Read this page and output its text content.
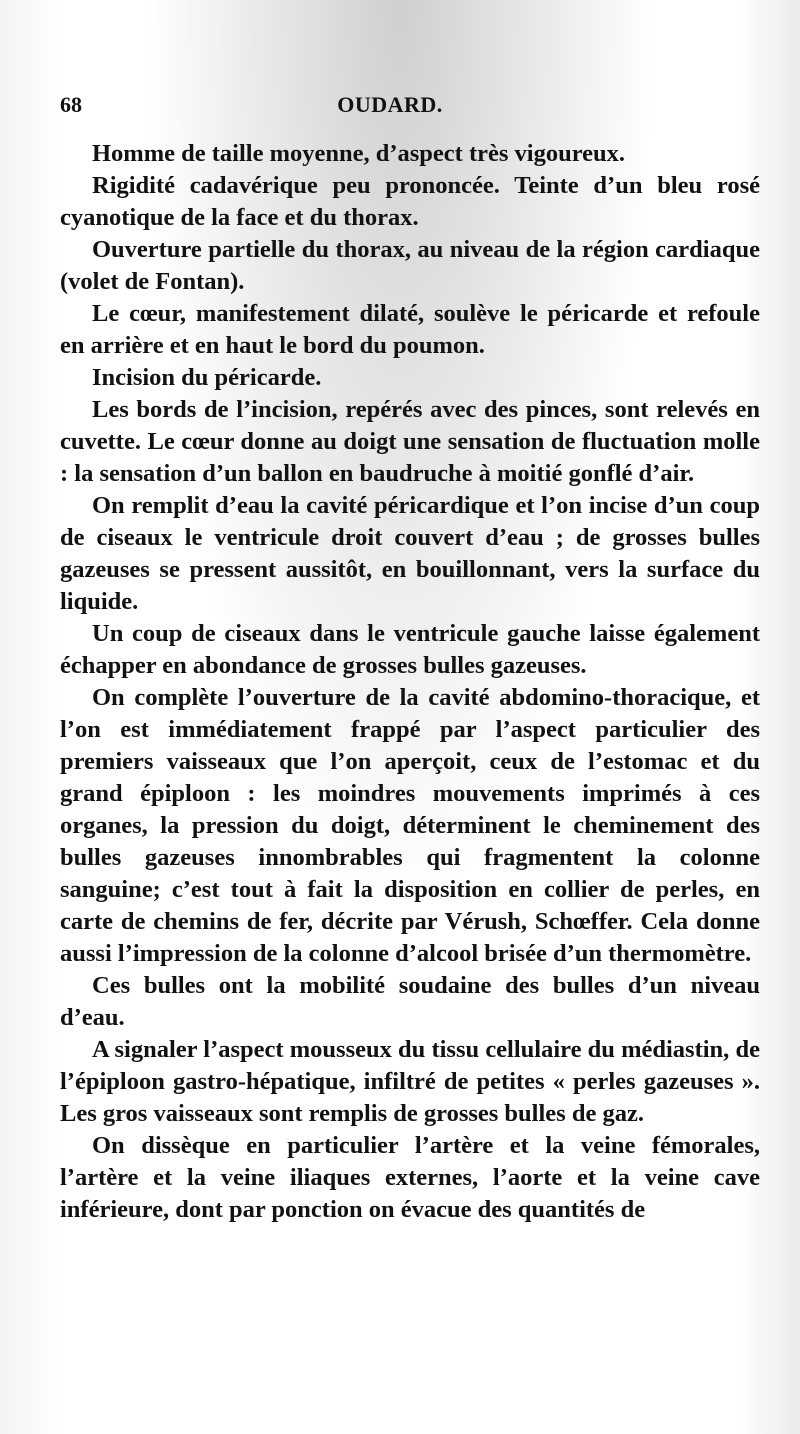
68	OUDARD.

Homme de taille moyenne, d’aspect très vigoureux.

Rigidité cadavérique peu prononcée. Teinte d’un bleu rosé cyanotique de la face et du thorax.

Ouverture partielle du thorax, au niveau de la région cardiaque (volet de Fontan).

Le cœur, manifestement dilaté, soulève le péricarde et refoule en arrière et en haut le bord du poumon.

Incision du péricarde.

Les bords de l’incision, repérés avec des pinces, sont relevés en cuvette. Le cœur donne au doigt une sensation de fluctuation molle : la sensation d’un ballon en baudruche à moitié gonflé d’air.

On remplit d’eau la cavité péricardique et l’on incise d’un coup de ciseaux le ventricule droit couvert d’eau ; de grosses bulles gazeuses se pressent aussitôt, en bouillonnant, vers la surface du liquide.

Un coup de ciseaux dans le ventricule gauche laisse également échapper en abondance de grosses bulles gazeuses.

On complète l’ouverture de la cavité abdomino-thoracique, et l’on est immédiatement frappé par l’aspect particulier des premiers vaisseaux que l’on aperçoit, ceux de l’estomac et du grand épiploon : les moindres mouvements imprimés à ces organes, la pression du doigt, déterminent le cheminement des bulles gazeuses innombrables qui fragmentent la colonne sanguine; c’est tout à fait la disposition en collier de perles, en carte de chemins de fer, décrite par Vérush, Schœffer. Cela donne aussi l’impression de la colonne d’alcool brisée d’un thermomètre.

Ces bulles ont la mobilité soudaine des bulles d’un niveau d’eau.

A signaler l’aspect mousseux du tissu cellulaire du médiastin, de l’épiploon gastro-hépatique, infiltré de petites « perles gazeuses ». Les gros vaisseaux sont remplis de grosses bulles de gaz.

On dissèque en particulier l’artère et la veine fémorales, l’artère et la veine iliaques externes, l’aorte et la veine cave inférieure, dont par ponction on évacue des quantités de
